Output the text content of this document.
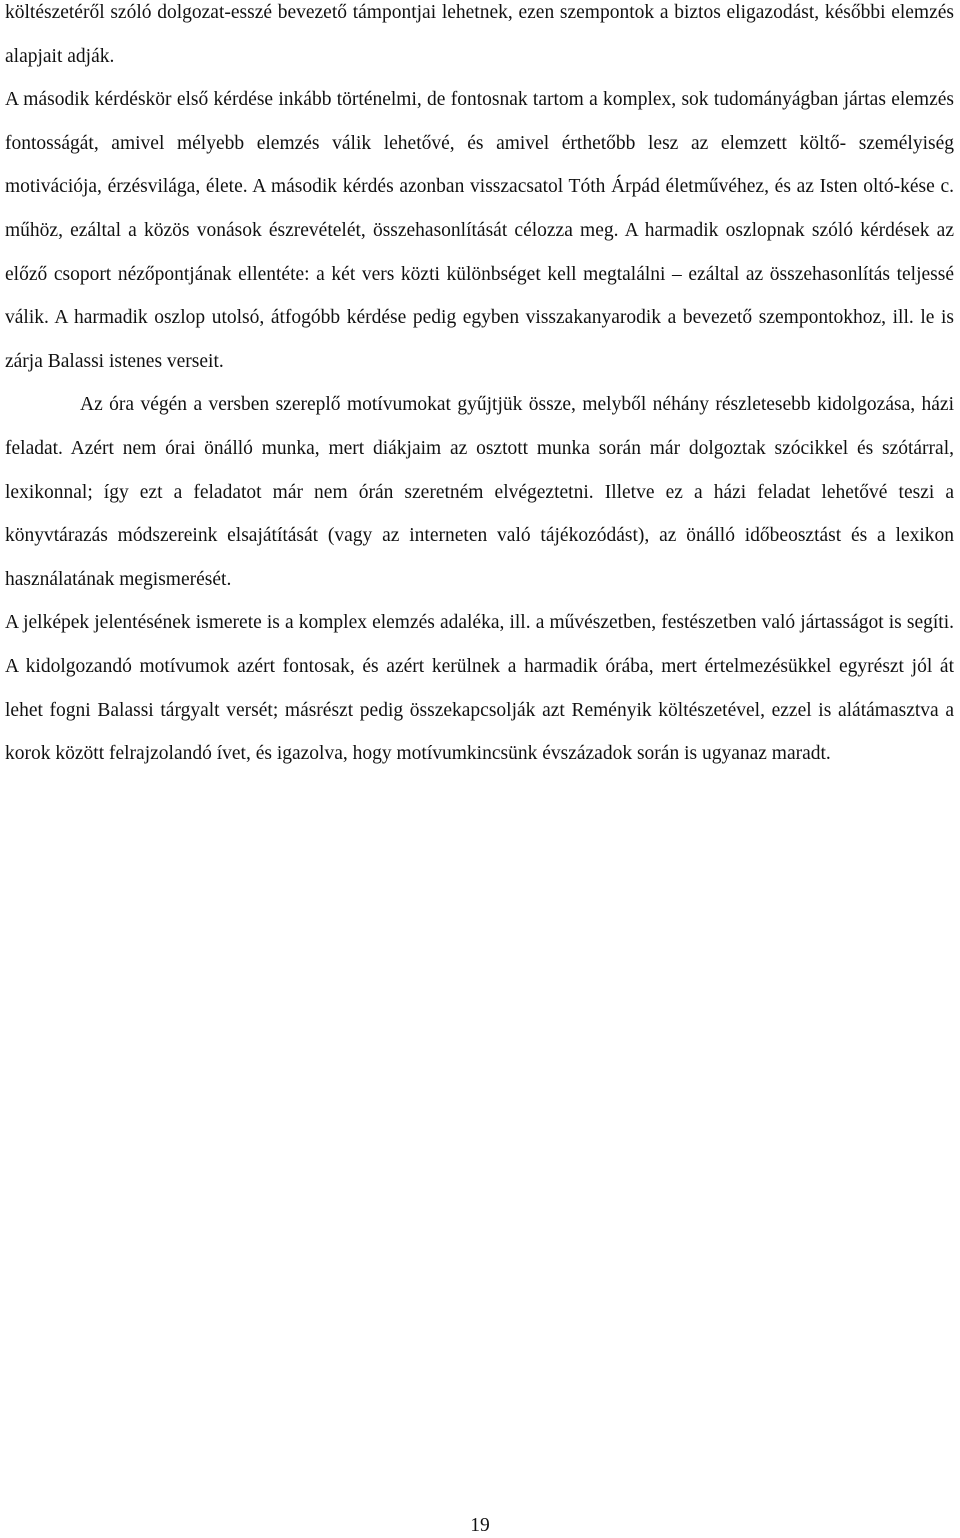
költészetéről szóló dolgozat-esszé bevezető támpontjai lehetnek, ezen szempontok a biztos eligazodást, későbbi elemzés alapjait adják.

A második kérdéskör első kérdése inkább történelmi, de fontosnak tartom a komplex, sok tudományágban jártas elemzés fontosságát, amivel mélyebb elemzés válik lehetővé, és amivel érthetőbb lesz az elemzett költő- személyiség motivációja, érzésvilága, élete. A második kérdés azonban visszacsatol Tóth Árpád életművéhez, és az Isten oltó-kése c. műhöz, ezáltal a közös vonások észrevételét, összehasonlítását célozza meg. A harmadik oszlopnak szóló kérdések az előző csoport nézőpontjának ellentéte: a két vers közti különbséget kell megtalálni – ezáltal az összehasonlítás teljessé válik. A harmadik oszlop utolsó, átfogóbb kérdése pedig egyben visszakanyarodik a bevezető szempontokhoz, ill. le is zárja Balassi istenes verseit.

Az óra végén a versben szereplő motívumokat gyűjtjük össze, melyből néhány részletesebb kidolgozása, házi feladat. Azért nem órai önálló munka, mert diákjaim az osztott munka során már dolgoztak szócikkel és szótárral, lexikonnal; így ezt a feladatot már nem órán szeretném elvégeztetni. Illetve ez a házi feladat lehetővé teszi a könyvtárazás módszereink elsajátítását (vagy az interneten való tájékozódást), az önálló időbeosztást és a lexikon használatának megismerését.

A jelképek jelentésének ismerete is a komplex elemzés adaléka, ill. a művészetben, festészetben való jártasságot is segíti. A kidolgozandó motívumok azért fontosak, és azért kerülnek a harmadik órába, mert értelmezésükkel egyrészt jól át lehet fogni Balassi tárgyalt versét; másrészt pedig összekapcsolják azt Reményik költészetével, ezzel is alátámasztva a korok között felrajzolandó ívet, és igazolva, hogy motívumkincsünk évszázadok során is ugyanaz maradt.

19
